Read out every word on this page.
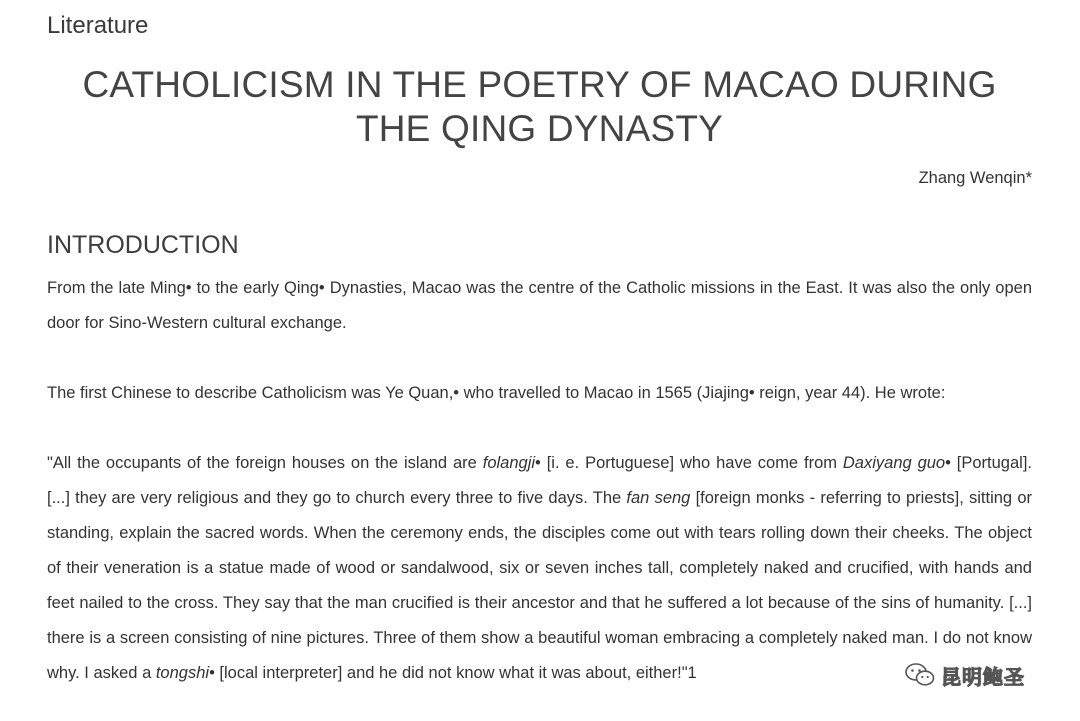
Literature
CATHOLICISM IN THE POETRY OF MACAO DURING THE QING DYNASTY
Zhang Wenqin*
INTRODUCTION

From the late Ming• to the early Qing• Dynasties, Macao was the centre of the Catholic missions in the East. It was also the only open door for Sino-Western cultural exchange.

The first Chinese to describe Catholicism was Ye Quan,• who travelled to Macao in 1565 (Jiajing• reign, year 44). He wrote:

"All the occupants of the foreign houses on the island are folangji• [i. e. Portuguese] who have come from Daxiyang guo• [Portugal]. [...] they are very religious and they go to church every three to five days. The fan seng [foreign monks - referring to priests], sitting or standing, explain the sacred words. When the ceremony ends, the disciples come out with tears rolling down their cheeks. The object of their veneration is a statue made of wood or sandalwood, six or seven inches tall, completely naked and crucified, with hands and feet nailed to the cross. They say that the man crucified is their ancestor and that he suffered a lot because of the sins of humanity. [...] there is a screen consisting of nine pictures. Three of them show a beautiful woman embracing a completely naked man. I do not know why. I asked a tongshi• [local interpreter] and he did not know what it was about, either!"1	昆明鲍圣
